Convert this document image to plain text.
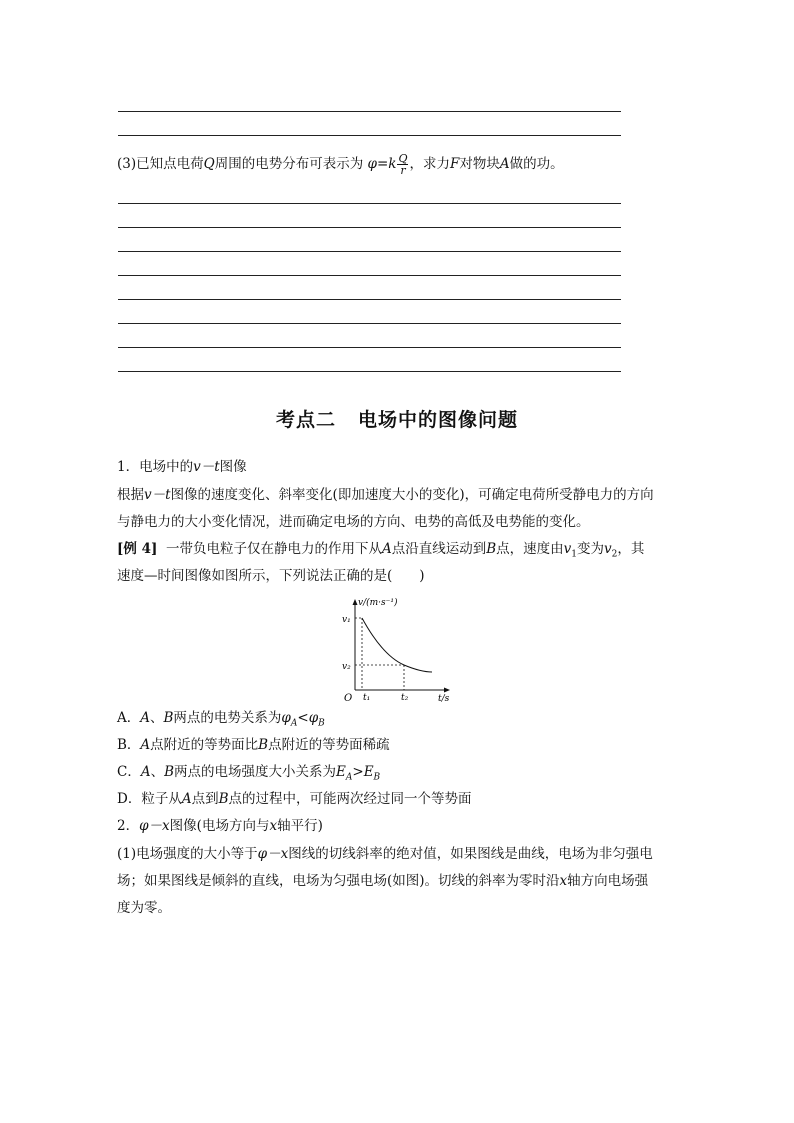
(3)已知点电荷Q周围的电势分布可表示为 $\varphi=k \frac{Q}{r}$ ，求力F对物块A做的功。
考点二 电场中的图像问题
1．电场中的v－t图像
根据v－t图像的速度变化、斜率变化(即加速度大小的变化)，可确定电荷所受静电力的方向
与静电力的大小变化情况，进而确定电场的方向、电势的高低及电势能的变化。
[例 4] 一带负电粒子仅在静电力的作用下从A点沿直线运动到B点，速度由$v_1$变为$v_2$，其
速度—时间图像如图所示，下列说法正确的是(　　)
v/(m·s⁻¹)
t/s
O
v₁
v₂
t₁	t₂
A．A、B两点的电势关系为$\varphi_A<\varphi_B$
B．A点附近的等势面比B点附近的等势面稀疏
C．A、B两点的电场强度大小关系为$E_A>E_B$
D．粒子从A点到B点的过程中，可能两次经过同一个等势面
2．φ－x图像(电场方向与x轴平行)
(1)电场强度的大小等于φ－x图线的切线斜率的绝对值，如果图线是曲线，电场为非匀强电
场；如果图线是倾斜的直线，电场为匀强电场(如图)。切线的斜率为零时沿x轴方向电场强
度为零。
